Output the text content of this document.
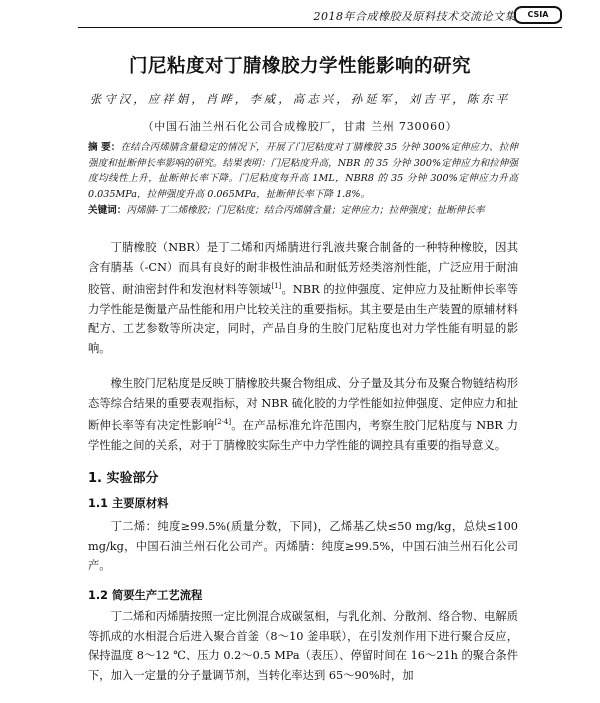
2018年合成橡胶及原料技术交流论文集	CSIA
门尼粘度对丁腈橡胶力学性能影响的研究
张守汉，应祥娟，肖晔，李威，高志兴，孙延军，刘吉平，陈东平
（中国石油兰州石化公司合成橡胶厂，甘肃 兰州 730060）
摘 要：在结合丙烯腈含量稳定的情况下，开展了门尼粘度对丁腈橡胶 35 分钟 300%定伸应力、拉伸强度和扯断伸长率影响的研究。结果表明：门尼粘度升高，NBR 的 35 分钟 300%定伸应力和拉伸强度均线性上升，扯断伸长率下降。门尼粘度每升高 1ML，NBR8 的 35 分钟 300%定伸应力升高 0.035MPa，拉伸强度升高 0.065MPa，扯断伸长率下降 1.8%。
关键词：丙烯腈-丁二烯橡胶；门尼粘度；结合丙烯腈含量；定伸应力；拉伸强度；扯断伸长率
丁腈橡胶（NBR）是丁二烯和丙烯腈进行乳液共聚合制备的一种特种橡胶，因其含有腈基（-CN）而具有良好的耐非极性油品和耐低芳烃类溶剂性能，广泛应用于耐油胶管、耐油密封件和发泡材料等领域[1]。NBR 的拉伸强度、定伸应力及扯断伸长率等力学性能是衡量产品性能和用户比较关注的重要指标。其主要是由生产装置的原辅材料配方、工艺参数等所决定，同时，产品自身的生胶门尼粘度也对力学性能有明显的影响。
橡生胶门尼粘度是反映丁腈橡胶共聚合物组成、分子量及其分布及聚合物链结构形态等综合结果的重要表观指标，对 NBR 硫化胶的力学性能如拉伸强度、定伸应力和扯断伸长率等有决定性影响[2-4]。在产品标准允许范围内，考察生胶门尼粘度与 NBR 力学性能之间的关系，对于丁腈橡胶实际生产中力学性能的调控具有重要的指导意义。
1. 实验部分
1.1 主要原材料
丁二烯：纯度≥99.5%(质量分数，下同)，乙烯基乙炔≤50 mg/kg，总炔≤100 mg/kg，中国石油兰州石化公司产。丙烯腈：纯度≥99.5%，中国石油兰州石化公司产。
1.2 简要生产工艺流程
丁二烯和丙烯腈按照一定比例混合成碳氢相，与乳化剂、分散剂、络合物、电解质等抓成的水相混合后进入聚合首釜（8～10 釜串联），在引发剂作用下进行聚合反应，保持温度 8～12 ℃、压力 0.2～0.5 MPa（表压）、停留时间在 16～21h 的聚合条件下，加入一定量的分子量调节剂，当转化率达到 65～90%时，加
